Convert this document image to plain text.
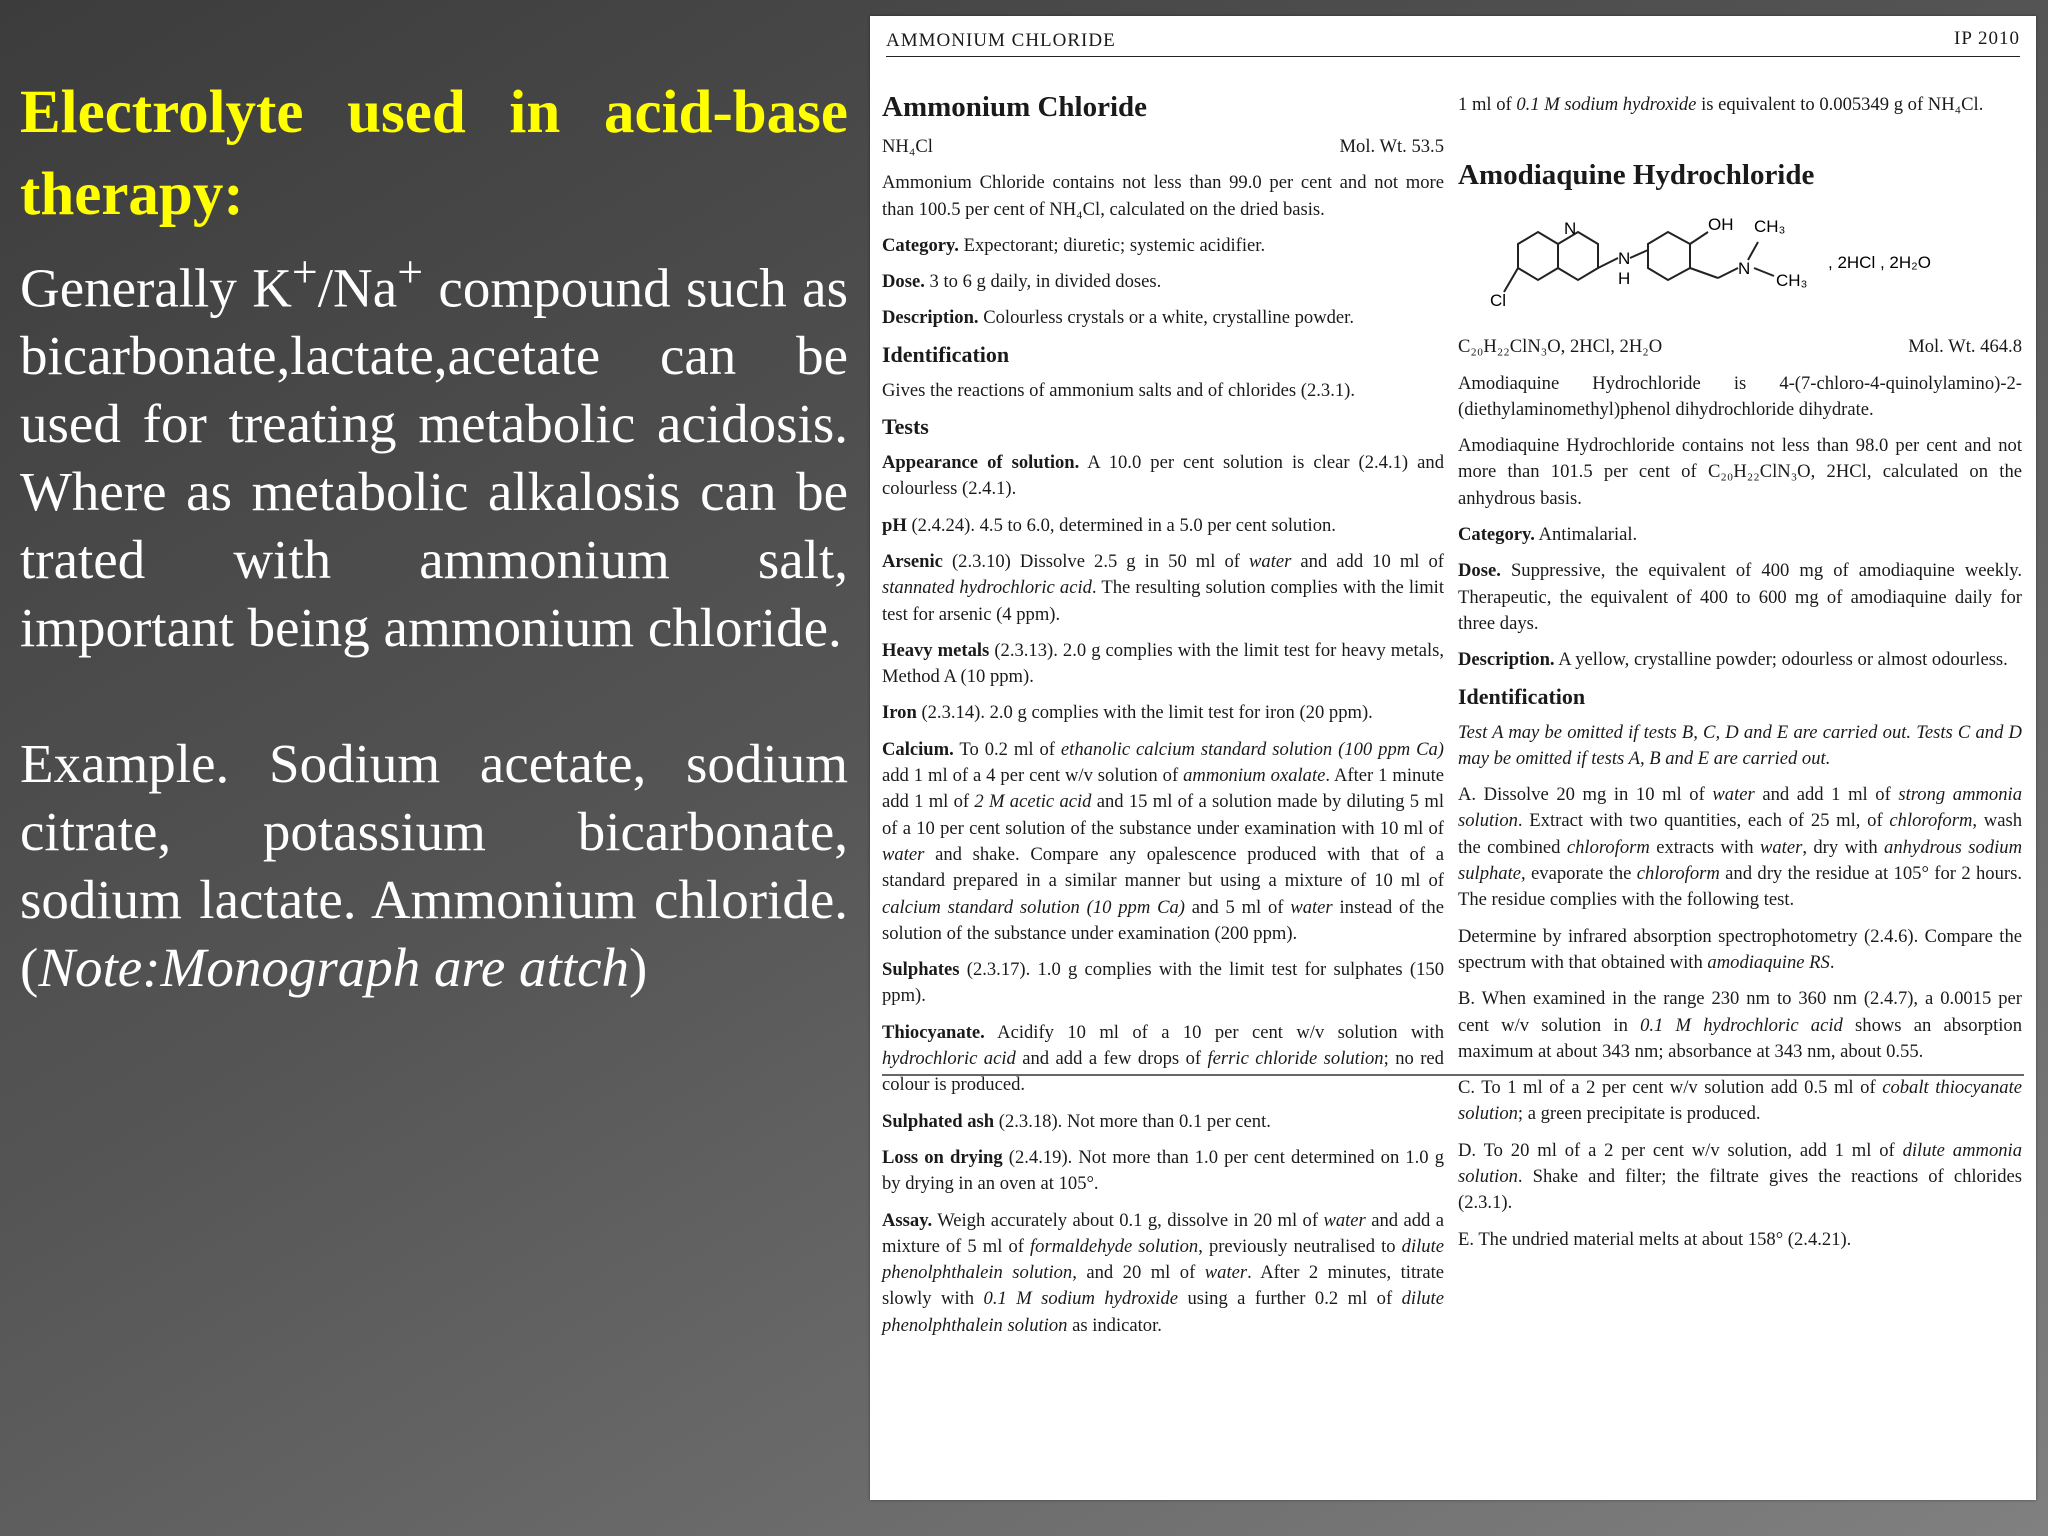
Electrolyte used in acid-base therapy:

Generally K+/Na+ compound such as bicarbonate,lactate,acetate can be used for treating metabolic acidosis. Where as metabolic alkalosis can be trated with ammonium salt, important being ammonium chloride.

Example. Sodium acetate, sodium citrate, potassium bicarbonate, sodium lactate. Ammonium chloride. (Note:Monograph are attch)

AMMONIUM CHLORIDE	IP 2010
Ammonium Chloride
NH₄Cl	Mol. Wt. 53.5

Ammonium Chloride contains not less than 99.0 per cent and not more than 100.5 per cent of NH₄Cl, calculated on the dried basis.

Category. Expectorant; diuretic; systemic acidifier.

Dose. 3 to 6 g daily, in divided doses.

Description. Colourless crystals or a white, crystalline powder.

Identification

Gives the reactions of ammonium salts and of chlorides (2.3.1).

Tests

Appearance of solution. A 10.0 per cent solution is clear (2.4.1) and colourless (2.4.1).

pH (2.4.24). 4.5 to 6.0, determined in a 5.0 per cent solution.

Arsenic (2.3.10) Dissolve 2.5 g in 50 ml of water and add 10 ml of stannated hydrochloric acid. The resulting solution complies with the limit test for arsenic (4 ppm).

Heavy metals (2.3.13). 2.0 g complies with the limit test for heavy metals, Method A (10 ppm).

Iron (2.3.14). 2.0 g complies with the limit test for iron (20 ppm).

Calcium. To 0.2 ml of ethanolic calcium standard solution (100 ppm Ca) add 1 ml of a 4 per cent w/v solution of ammonium oxalate. After 1 minute add 1 ml of 2 M acetic acid and 15 ml of a solution made by diluting 5 ml of a 10 per cent solution of the substance under examination with 10 ml of water and shake. Compare any opalescence produced with that of a standard prepared in a similar manner but using a mixture of 10 ml of calcium standard solution (10 ppm Ca) and 5 ml of water instead of the solution of the substance under examination (200 ppm).

Sulphates (2.3.17). 1.0 g complies with the limit test for sulphates (150 ppm).

Thiocyanate. Acidify 10 ml of a 10 per cent w/v solution with hydrochloric acid and add a few drops of ferric chloride solution; no red colour is produced.

Sulphated ash (2.3.18). Not more than 0.1 per cent.

Loss on drying (2.4.19). Not more than 1.0 per cent determined on 1.0 g by drying in an oven at 105°.

Assay. Weigh accurately about 0.1 g, dissolve in 20 ml of water and add a mixture of 5 ml of formaldehyde solution, previously neutralised to dilute phenolphthalein solution, and 20 ml of water. After 2 minutes, titrate slowly with 0.1 M sodium hydroxide using a further 0.2 ml of dilute phenolphthalein solution as indicator.

1 ml of 0.1 M sodium hydroxide is equivalent to 0.005349 g of NH₄Cl.

Amodiaquine Hydrochloride
N
Cl
N
H
OH CH₃
N
CH₃
, 2HCl , 2H₂O
C₂₀H₂₂ClN₃O, 2HCl, 2H₂O	Mol. Wt. 464.8

Amodiaquine Hydrochloride is 4-(7-chloro-4-quinolylamino)-2-(diethylaminomethyl)phenol dihydrochloride dihydrate.

Amodiaquine Hydrochloride contains not less than 98.0 per cent and not more than 101.5 per cent of C₂₀H₂₂ClN₃O, 2HCl, calculated on the anhydrous basis.

Category. Antimalarial.

Dose. Suppressive, the equivalent of 400 mg of amodiaquine weekly. Therapeutic, the equivalent of 400 to 600 mg of amodiaquine daily for three days.

Description. A yellow, crystalline powder; odourless or almost odourless.

Identification

Test A may be omitted if tests B, C, D and E are carried out. Tests C and D may be omitted if tests A, B and E are carried out.

A. Dissolve 20 mg in 10 ml of water and add 1 ml of strong ammonia solution. Extract with two quantities, each of 25 ml, of chloroform, wash the combined chloroform extracts with water, dry with anhydrous sodium sulphate, evaporate the chloroform and dry the residue at 105° for 2 hours. The residue complies with the following test.

Determine by infrared absorption spectrophotometry (2.4.6). Compare the spectrum with that obtained with amodiaquine RS.

B. When examined in the range 230 nm to 360 nm (2.4.7), a 0.0015 per cent w/v solution in 0.1 M hydrochloric acid shows an absorption maximum at about 343 nm; absorbance at 343 nm, about 0.55.

C. To 1 ml of a 2 per cent w/v solution add 0.5 ml of cobalt thiocyanate solution; a green precipitate is produced.

D. To 20 ml of a 2 per cent w/v solution, add 1 ml of dilute ammonia solution. Shake and filter; the filtrate gives the reactions of chlorides (2.3.1).

E. The undried material melts at about 158° (2.4.21).
